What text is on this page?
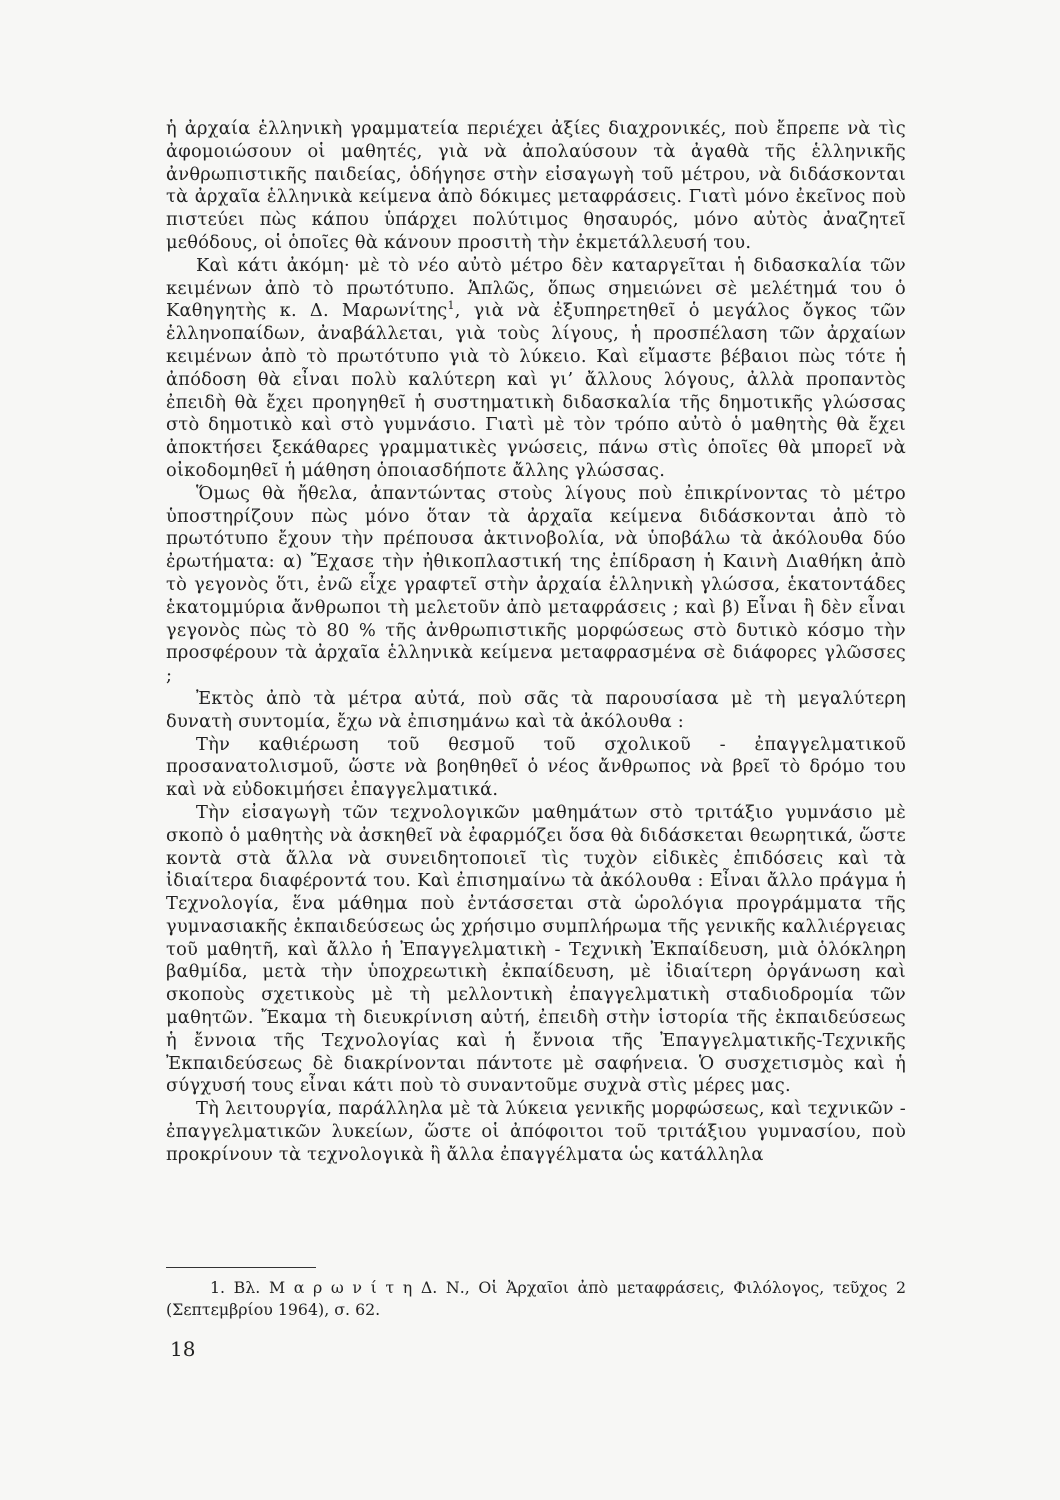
ἡ ἀρχαία ἑλληνικὴ γραμματεία περιέχει ἀξίες διαχρονικές, ποὺ ἔπρεπε νὰ τὶς ἀφομοιώσουν οἱ μαθητές, γιὰ νὰ ἀπολαύσουν τὰ ἀγαθὰ τῆς ἑλληνικῆς ἀνθρωπιστικῆς παιδείας, ὁδήγησε στὴν εἰσαγωγὴ τοῦ μέτρου, νὰ διδάσκονται τὰ ἀρχαῖα ἑλληνικὰ κείμενα ἀπὸ δόκιμες μεταφράσεις. Γιατὶ μόνο ἐκεῖνος ποὺ πιστεύει πὼς κάπου ὑπάρχει πολύτιμος θησαυρός, μόνο αὐτὸς ἀναζητεῖ μεθόδους, οἱ ὁποῖες θὰ κάνουν προσιτὴ τὴν ἐκμετάλλευσή του.

Καὶ κάτι ἀκόμη· μὲ τὸ νέο αὐτὸ μέτρο δὲν καταργεῖται ἡ διδασκαλία τῶν κειμένων ἀπὸ τὸ πρωτότυπο. Ἁπλῶς, ὅπως σημειώνει σὲ μελέτημά του ὁ Καθηγητὴς κ. Δ. Μαρωνίτης$^1$, γιὰ νὰ ἐξυπηρετηθεῖ ὁ μεγάλος ὄγκος τῶν ἑλληνοπαίδων, ἀναβάλλεται, γιὰ τοὺς λίγους, ἡ προσπέλαση τῶν ἀρχαίων κειμένων ἀπὸ τὸ πρωτότυπο γιὰ τὸ λύκειο. Καὶ εἴμαστε βέβαιοι πὼς τότε ἡ ἀπόδοση θὰ εἶναι πολὺ καλύτερη καὶ γι’ ἄλλους λόγους, ἀλλὰ προπαντὸς ἐπειδὴ θὰ ἔχει προηγηθεῖ ἡ συστηματικὴ διδασκαλία τῆς δημοτικῆς γλώσσας στὸ δημοτικὸ καὶ στὸ γυμνάσιο. Γιατὶ μὲ τὸν τρόπο αὐτὸ ὁ μαθητὴς θὰ ἔχει ἀποκτήσει ξεκάθαρες γραμματικὲς γνώσεις, πάνω στὶς ὁποῖες θὰ μπορεῖ νὰ οἰκοδομηθεῖ ἡ μάθηση ὁποιασδήποτε ἄλλης γλώσσας.

Ὅμως θὰ ἤθελα, ἀπαντώντας στοὺς λίγους ποὺ ἐπικρίνοντας τὸ μέτρο ὑποστηρίζουν πὼς μόνο ὅταν τὰ ἀρχαῖα κείμενα διδάσκονται ἀπὸ τὸ πρωτότυπο ἔχουν τὴν πρέπουσα ἀκτινοβολία, νὰ ὑποβάλω τὰ ἀκόλουθα δύο ἐρωτήματα: α) Ἔχασε τὴν ἠθικοπλαστική της ἐπίδραση ἡ Καινὴ Διαθήκη ἀπὸ τὸ γεγονὸς ὅτι, ἐνῶ εἶχε γραφτεῖ στὴν ἀρχαία ἑλληνικὴ γλώσσα, ἑκατοντάδες ἑκατομμύρια ἄνθρωποι τὴ μελετοῦν ἀπὸ μεταφράσεις ; καὶ β) Εἶναι ἢ δὲν εἶναι γεγονὸς πὼς τὸ 80 % τῆς ἀνθρωπιστικῆς μορφώσεως στὸ δυτικὸ κόσμο τὴν προσφέρουν τὰ ἀρχαῖα ἑλληνικὰ κείμενα μεταφρασμένα σὲ διάφορες γλῶσσες ;

Ἐκτὸς ἀπὸ τὰ μέτρα αὐτά, ποὺ σᾶς τὰ παρουσίασα μὲ τὴ μεγαλύτερη δυνατὴ συντομία, ἔχω νὰ ἐπισημάνω καὶ τὰ ἀκόλουθα :

Τὴν καθιέρωση τοῦ θεσμοῦ τοῦ σχολικοῦ - ἐπαγγελματικοῦ προσανατολισμοῦ, ὥστε νὰ βοηθηθεῖ ὁ νέος ἄνθρωπος νὰ βρεῖ τὸ δρόμο του καὶ νὰ εὐδοκιμήσει ἐπαγγελματικά.

Τὴν εἰσαγωγὴ τῶν τεχνολογικῶν μαθημάτων στὸ τριτάξιο γυμνάσιο μὲ σκοπὸ ὁ μαθητὴς νὰ ἀσκηθεῖ νὰ ἐφαρμόζει ὅσα θὰ διδάσκεται θεωρητικά, ὥστε κοντὰ στὰ ἄλλα νὰ συνειδητοποιεῖ τὶς τυχὸν εἰδικὲς ἐπιδόσεις καὶ τὰ ἰδιαίτερα διαφέροντά του. Καὶ ἐπισημαίνω τὰ ἀκόλουθα : Εἶναι ἄλλο πράγμα ἡ Τεχνολογία, ἕνα μάθημα ποὺ ἐντάσσεται στὰ ὡρολόγια προγράμματα τῆς γυμνασιακῆς ἐκπαιδεύσεως ὡς χρήσιμο συμπλήρωμα τῆς γενικῆς καλλιέργειας τοῦ μαθητῆ, καὶ ἄλλο ἡ Ἐπαγγελματικὴ - Τεχνικὴ Ἐκπαίδευση, μιὰ ὁλόκληρη βαθμίδα, μετὰ τὴν ὑποχρεωτικὴ ἐκπαίδευση, μὲ ἰδιαίτερη ὀργάνωση καὶ σκοποὺς σχετικοὺς μὲ τὴ μελλοντικὴ ἐπαγγελματικὴ σταδιοδρομία τῶν μαθητῶν. Ἔκαμα τὴ διευκρίνιση αὐτή, ἐπειδὴ στὴν ἱστορία τῆς ἐκπαιδεύσεως ἡ ἔννοια τῆς Τεχνολογίας καὶ ἡ ἔννοια τῆς Ἐπαγγελματικῆς-Τεχνικῆς Ἐκπαιδεύσεως δὲ διακρίνονται πάντοτε μὲ σαφήνεια. Ὁ συσχετισμὸς καὶ ἡ σύγχυσή τους εἶναι κάτι ποὺ τὸ συναντοῦμε συχνὰ στὶς μέρες μας.

Τὴ λειτουργία, παράλληλα μὲ τὰ λύκεια γενικῆς μορφώσεως, καὶ τεχνικῶν - ἐπαγγελματικῶν λυκείων, ὥστε οἱ ἀπόφοιτοι τοῦ τριτάξιου γυμνασίου, ποὺ προκρίνουν τὰ τεχνολογικὰ ἢ ἄλλα ἐπαγγέλματα ὡς κατάλληλα

1. Βλ. Μ α ρ ω ν ί τ η Δ. Ν., Οἱ Ἀρχαῖοι ἀπὸ μεταφράσεις, Φιλόλογος, τεῦχος 2 (Σεπτεμβρίου 1964), σ. 62.

18
